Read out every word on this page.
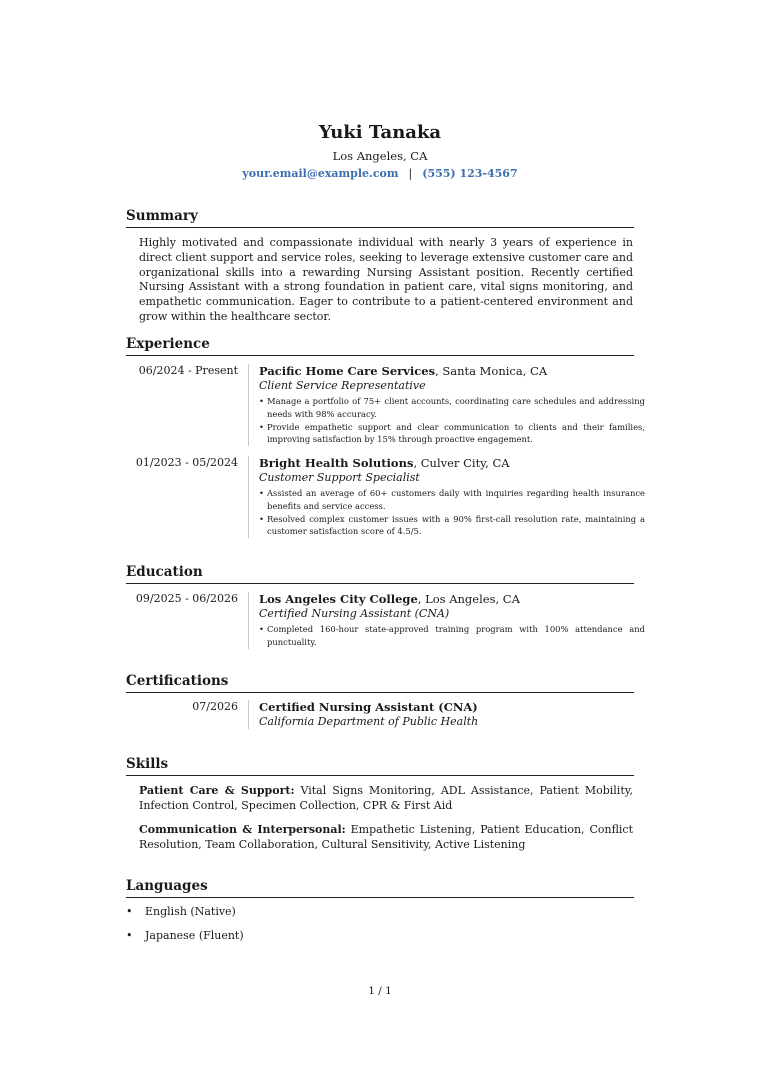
Yuki Tanaka
Los Angeles, CA
your.email@example.com | (555) 123-4567
Summary
Highly motivated and compassionate individual with nearly 3 years of experience in direct client support and service roles, seeking to leverage extensive customer care and organizational skills into a rewarding Nursing Assistant position. Recently certified Nursing Assistant with a strong foundation in patient care, vital signs monitoring, and empathetic communication. Eager to contribute to a patient-centered environment and grow within the healthcare sector.
Experience
06/2024 - Present Pacific Home Care Services, Santa Monica, CA
Client Service Representative
• Manage a portfolio of 75+ client accounts, coordinating care schedules and addressing needs with 98% accuracy.
• Provide empathetic support and clear communication to clients and their families, improving satisfaction by 15% through proactive engagement.
01/2023 - 05/2024 Bright Health Solutions, Culver City, CA
Customer Support Specialist
• Assisted an average of 60+ customers daily with inquiries regarding health insurance benefits and service access.
• Resolved complex customer issues with a 90% first-call resolution rate, maintaining a customer satisfaction score of 4.5/5.
Education
09/2025 - 06/2026 Los Angeles City College, Los Angeles, CA
Certified Nursing Assistant (CNA)
• Completed 160-hour state-approved training program with 100% attendance and punctuality.
Certifications
07/2026 Certified Nursing Assistant (CNA)
California Department of Public Health
Skills
Patient Care & Support: Vital Signs Monitoring, ADL Assistance, Patient Mobility, Infection Control, Specimen Collection, CPR & First Aid
Communication & Interpersonal: Empathetic Listening, Patient Education, Conflict Resolution, Team Collaboration, Cultural Sensitivity, Active Listening
Languages
• English (Native)
• Japanese (Fluent)
1 / 1
